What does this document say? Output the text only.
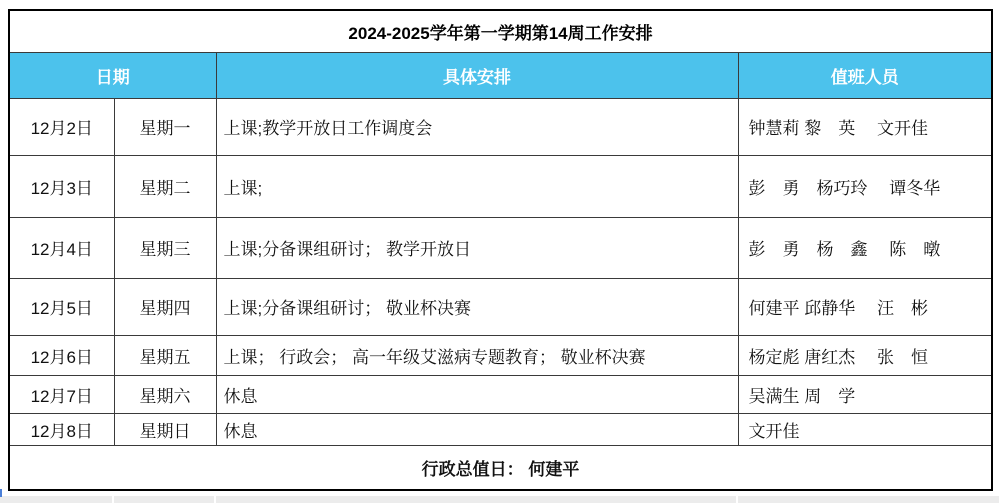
2024-2025学年第一学期第14周工作安排			
日期		具体安排	值班人员
12月2日	星期一	上课;教学开放日工作调度会	钟慧莉 黎　英　 文开佳
12月3日	星期二	上课;	彭　勇　杨巧玲　 谭冬华
12月4日	星期三	上课;分备课组研讨； 教学开放日	彭　勇　杨　鑫　 陈　暾
12月5日	星期四	上课;分备课组研讨； 敬业杯决赛	何建平 邱静华　 汪　彬
12月6日	星期五	上课； 行政会； 高一年级艾滋病专题教育； 敬业杯决赛	杨定彪 唐红杰　 张　恒
12月7日	星期六	休息	吴满生 周　学
12月8日	星期日	休息	文开佳
行政总值日： 何建平			
